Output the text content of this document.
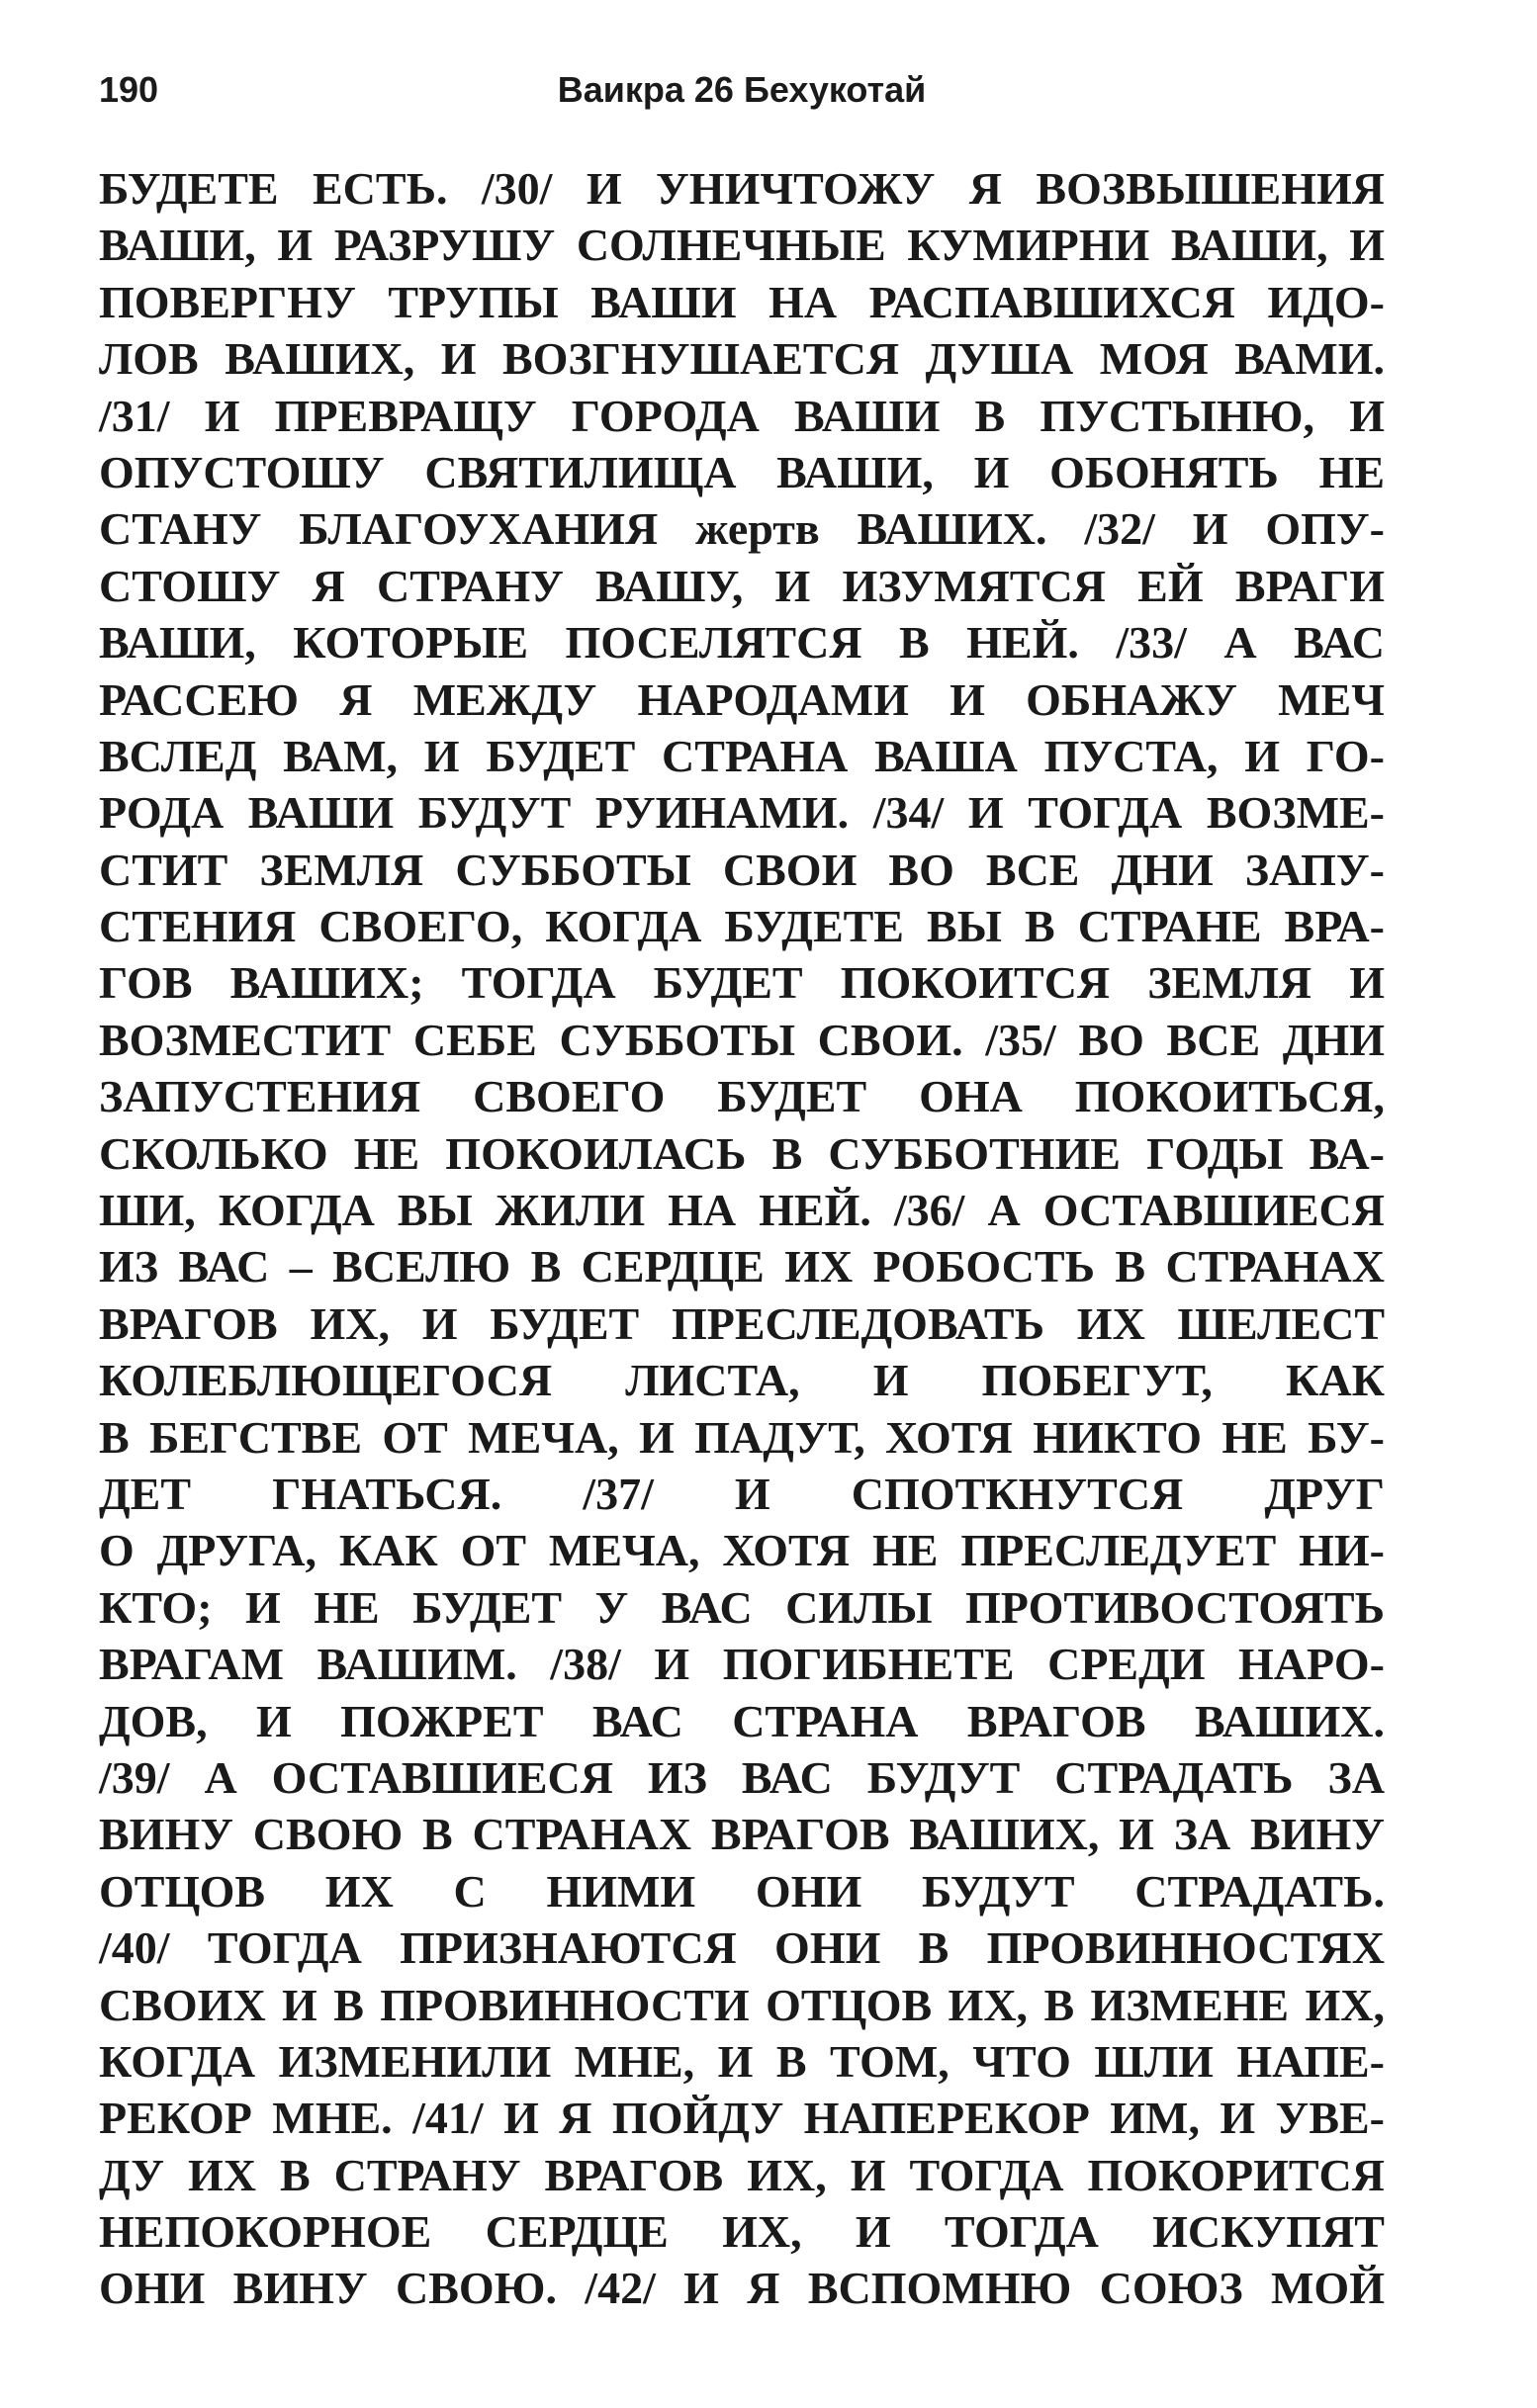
190	Ваикра 26 Бехукотай
БУДЕТЕ ЕСТЬ. /30/ И УНИЧТОЖУ Я ВОЗВЫШЕНИЯ
ВАШИ, И РАЗРУШУ СОЛНЕЧНЫЕ КУМИРНИ ВАШИ, И
ПОВЕРГНУ ТРУПЫ ВАШИ НА РАСПАВШИХСЯ ИДО-
ЛОВ ВАШИХ, И ВОЗГНУШАЕТСЯ ДУША МОЯ ВАМИ.
/31/ И ПРЕВРАЩУ ГОРОДА ВАШИ В ПУСТЫНЮ, И
ОПУСТОШУ СВЯТИЛИЩА ВАШИ, И ОБОНЯТЬ НЕ
СТАНУ БЛАГОУХАНИЯ жертв ВАШИХ. /32/ И ОПУ-
СТОШУ Я СТРАНУ ВАШУ, И ИЗУМЯТСЯ ЕЙ ВРАГИ
ВАШИ, КОТОРЫЕ ПОСЕЛЯТСЯ В НЕЙ. /33/ А ВАС
РАССЕЮ Я МЕЖДУ НАРОДАМИ И ОБНАЖУ МЕЧ
ВСЛЕД ВАМ, И БУДЕТ СТРАНА ВАША ПУСТА, И ГО-
РОДА ВАШИ БУДУТ РУИНАМИ. /34/ И ТОГДА ВОЗМЕ-
СТИТ ЗЕМЛЯ СУББОТЫ СВОИ ВО ВСЕ ДНИ ЗАПУ-
СТЕНИЯ СВОЕГО, КОГДА БУДЕТЕ ВЫ В СТРАНЕ ВРА-
ГОВ ВАШИХ; ТОГДА БУДЕТ ПОКОИТСЯ ЗЕМЛЯ И
ВОЗМЕСТИТ СЕБЕ СУББОТЫ СВОИ. /35/ ВО ВСЕ ДНИ
ЗАПУСТЕНИЯ СВОЕГО БУДЕТ ОНА ПОКОИТЬСЯ,
СКОЛЬКО НЕ ПОКОИЛАСЬ В СУББОТНИЕ ГОДЫ ВА-
ШИ, КОГДА ВЫ ЖИЛИ НА НЕЙ. /36/ А ОСТАВШИЕСЯ
ИЗ ВАС – ВСЕЛЮ В СЕРДЦЕ ИХ РОБОСТЬ В СТРАНАХ
ВРАГОВ ИХ, И БУДЕТ ПРЕСЛЕДОВАТЬ ИХ ШЕЛЕСТ
КОЛЕБЛЮЩЕГОСЯ ЛИСТА, И ПОБЕГУТ, КАК
В БЕГСТВЕ ОТ МЕЧА, И ПАДУТ, ХОТЯ НИКТО НЕ БУ-
ДЕТ ГНАТЬСЯ. /37/ И СПОТКНУТСЯ ДРУГ
О ДРУГА, КАК ОТ МЕЧА, ХОТЯ НЕ ПРЕСЛЕДУЕТ НИ-
КТО; И НЕ БУДЕТ У ВАС СИЛЫ ПРОТИВОСТОЯТЬ
ВРАГАМ ВАШИМ. /38/ И ПОГИБНЕТЕ СРЕДИ НАРО-
ДОВ, И ПОЖРЕТ ВАС СТРАНА ВРАГОВ ВАШИХ.
/39/ А ОСТАВШИЕСЯ ИЗ ВАС БУДУТ СТРАДАТЬ ЗА
ВИНУ СВОЮ В СТРАНАХ ВРАГОВ ВАШИХ, И ЗА ВИНУ
ОТЦОВ ИХ С НИМИ ОНИ БУДУТ СТРАДАТЬ.
/40/ ТОГДА ПРИЗНАЮТСЯ ОНИ В ПРОВИННОСТЯХ
СВОИХ И В ПРОВИННОСТИ ОТЦОВ ИХ, В ИЗМЕНЕ ИХ,
КОГДА ИЗМЕНИЛИ МНЕ, И В ТОМ, ЧТО ШЛИ НАПЕ-
РЕКОР МНЕ. /41/ И Я ПОЙДУ НАПЕРЕКОР ИМ, И УВЕ-
ДУ ИХ В СТРАНУ ВРАГОВ ИХ, И ТОГДА ПОКОРИТСЯ
НЕПОКОРНОЕ СЕРДЦЕ ИХ, И ТОГДА ИСКУПЯТ
ОНИ ВИНУ СВОЮ. /42/ И Я ВСПОМНЮ СОЮЗ МОЙ
